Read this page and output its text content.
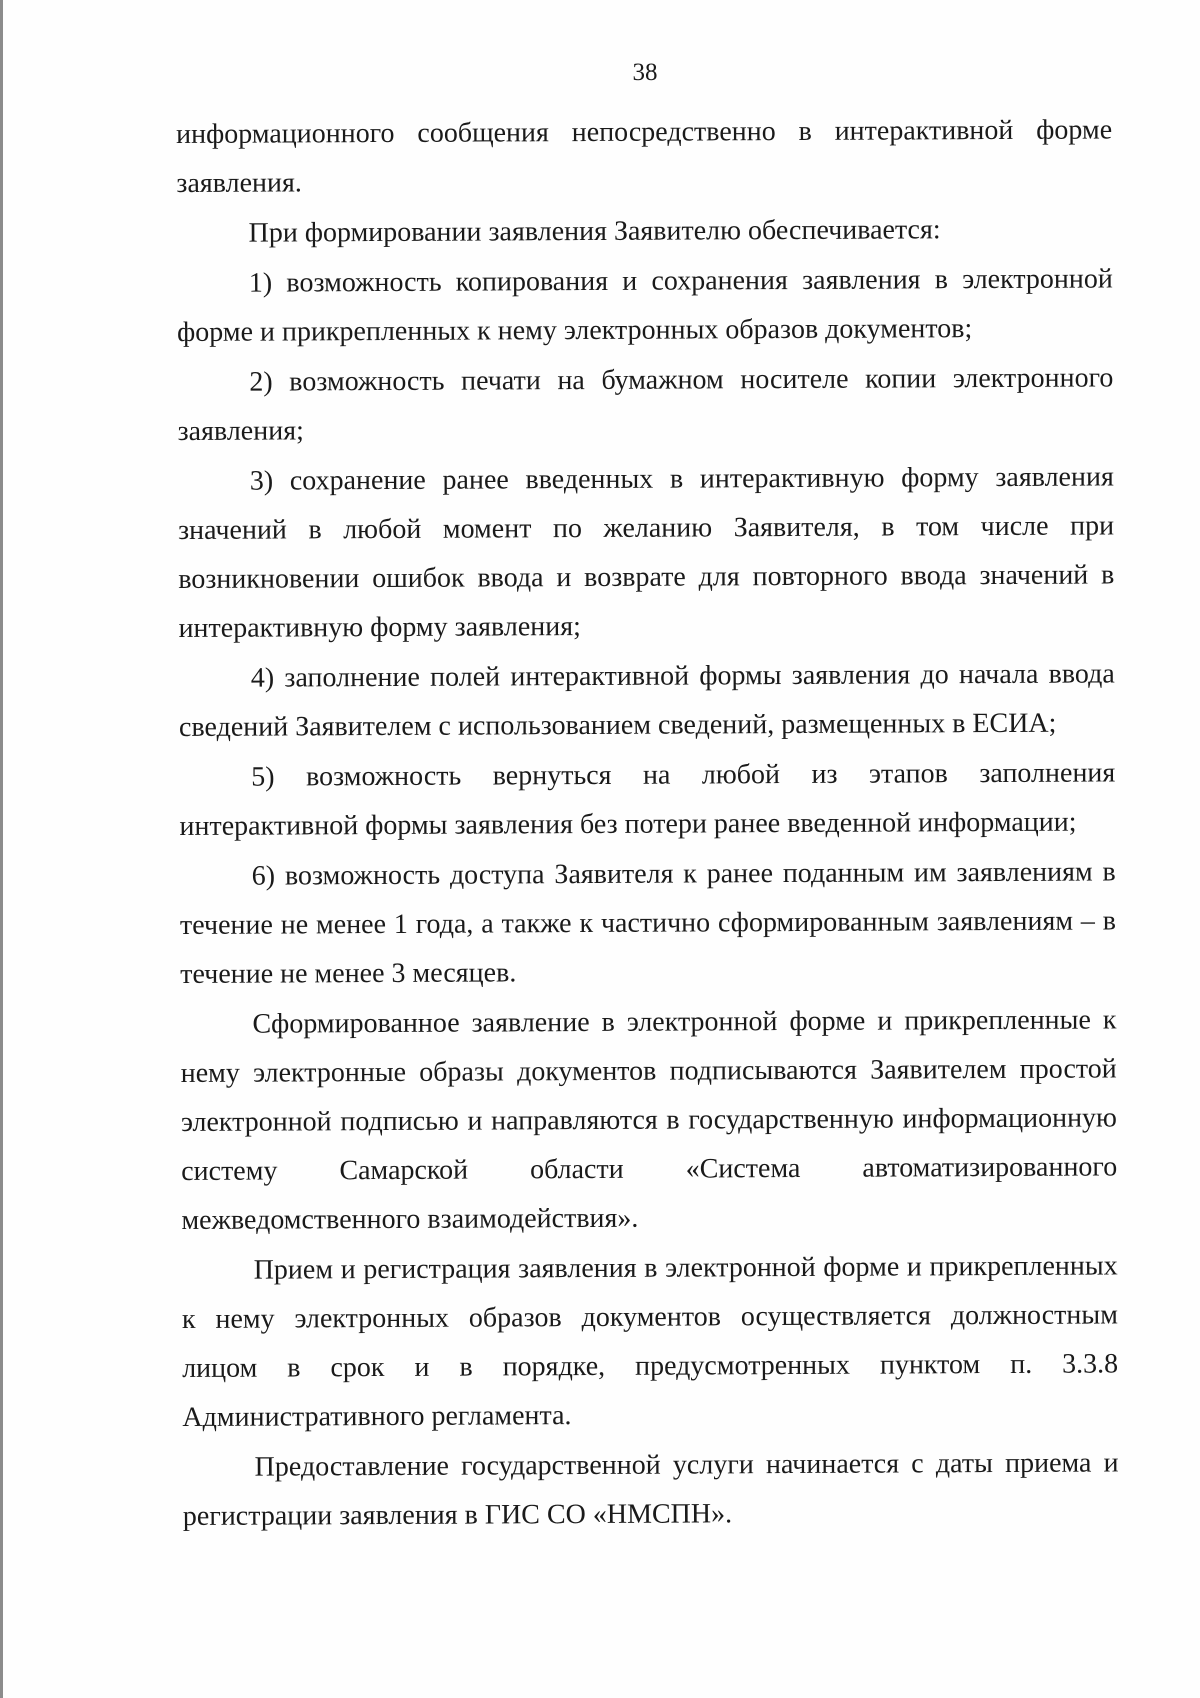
38

информационного сообщения непосредственно в интерактивной форме заявления.

При формировании заявления Заявителю обеспечивается:

1) возможность копирования и сохранения заявления в электронной форме и прикрепленных к нему электронных образов документов;

2) возможность печати на бумажном носителе копии электронного заявления;

3) сохранение ранее введенных в интерактивную форму заявления значений в любой момент по желанию Заявителя, в том числе при возникновении ошибок ввода и возврате для повторного ввода значений в интерактивную форму заявления;

4) заполнение полей интерактивной формы заявления до начала ввода сведений Заявителем с использованием сведений, размещенных в ЕСИА;

5) возможность вернуться на любой из этапов заполнения интерактивной формы заявления без потери ранее введенной информации;

6) возможность доступа Заявителя к ранее поданным им заявлениям в течение не менее 1 года, а также к частично сформированным заявлениям – в течение не менее 3 месяцев.

Сформированное заявление в электронной форме и прикрепленные к нему электронные образы документов подписываются Заявителем простой электронной подписью и направляются в государственную информационную систему Самарской области «Система автоматизированного межведомственного взаимодействия».

Прием и регистрация заявления в электронной форме и прикрепленных к нему электронных образов документов осуществляется должностным лицом в срок и в порядке, предусмотренных пунктом п. 3.3.8 Административного регламента.

Предоставление государственной услуги начинается с даты приема и регистрации заявления в ГИС СО «НМСПН».
